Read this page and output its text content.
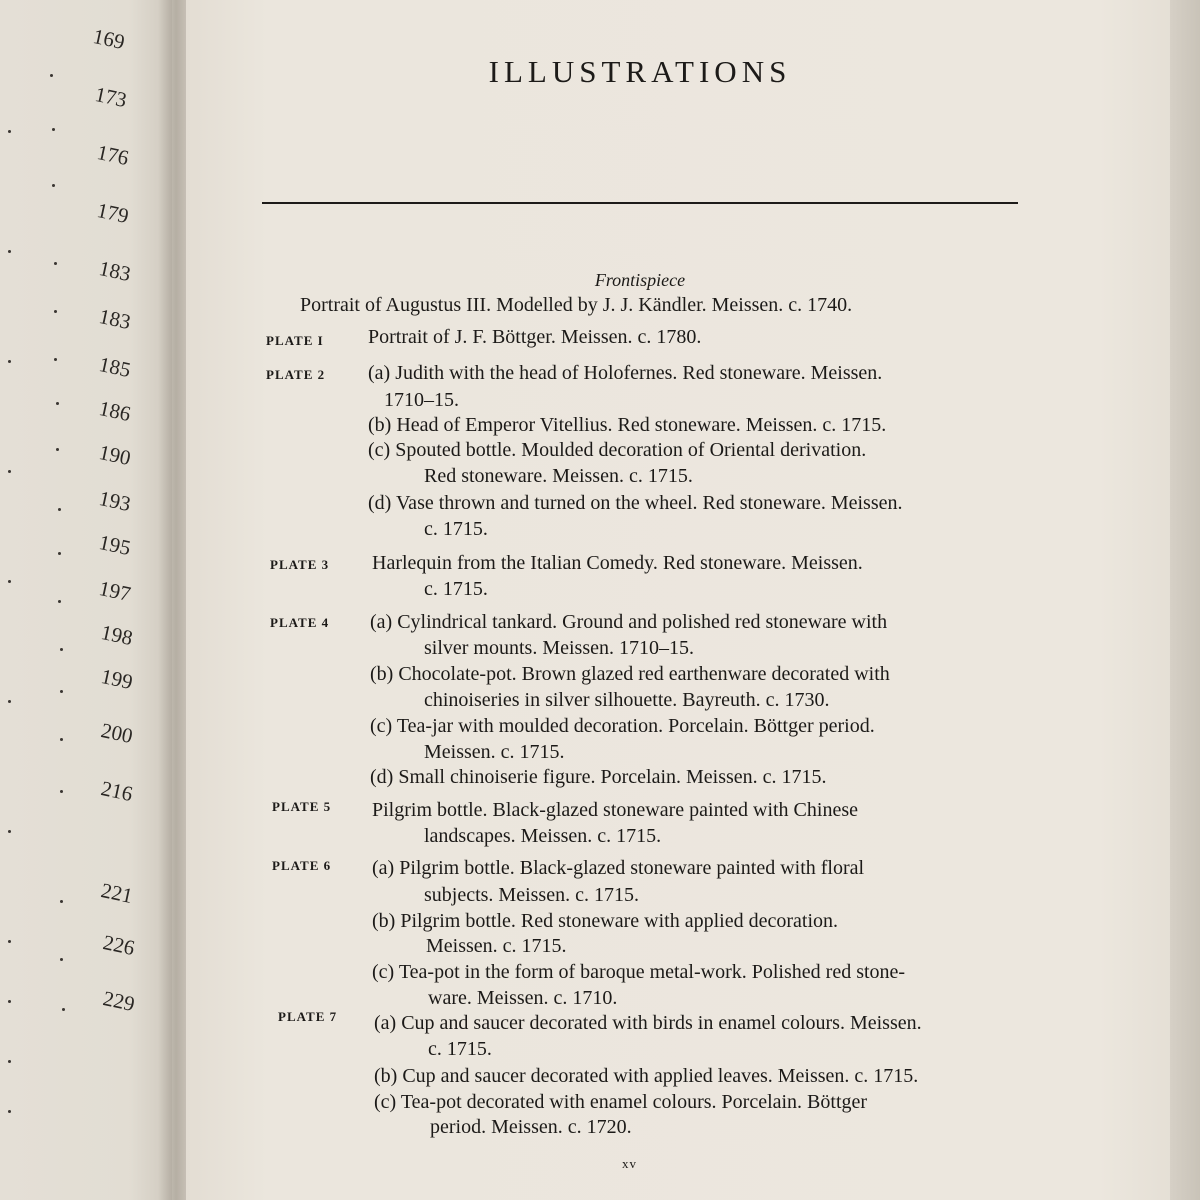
169
173
176
179
183
183
185
186
190
193
195
197
198
199
200
216
221
226
229
ILLUSTRATIONS
Frontispiece
Portrait of Augustus III. Modelled by J. J. Kändler. Meissen. c. 1740.
PLATE I Portrait of J. F. Böttger. Meissen. c. 1780.
PLATE 2 (a) Judith with the head of Holofernes. Red stoneware. Meissen.
1710–15.
(b) Head of Emperor Vitellius. Red stoneware. Meissen. c. 1715.
(c) Spouted bottle. Moulded decoration of Oriental derivation.
Red stoneware. Meissen. c. 1715.
(d) Vase thrown and turned on the wheel. Red stoneware. Meissen.
c. 1715.
PLATE 3 Harlequin from the Italian Comedy. Red stoneware. Meissen.
c. 1715.
PLATE 4 (a) Cylindrical tankard. Ground and polished red stoneware with
silver mounts. Meissen. 1710–15.
(b) Chocolate-pot. Brown glazed red earthenware decorated with
chinoiseries in silver silhouette. Bayreuth. c. 1730.
(c) Tea-jar with moulded decoration. Porcelain. Böttger period.
Meissen. c. 1715.
(d) Small chinoiserie figure. Porcelain. Meissen. c. 1715.
PLATE 5 Pilgrim bottle. Black-glazed stoneware painted with Chinese
landscapes. Meissen. c. 1715.
PLATE 6 (a) Pilgrim bottle. Black-glazed stoneware painted with floral
subjects. Meissen. c. 1715.
(b) Pilgrim bottle. Red stoneware with applied decoration.
Meissen. c. 1715.
(c) Tea-pot in the form of baroque metal-work. Polished red stone-
ware. Meissen. c. 1710.
PLATE 7 (a) Cup and saucer decorated with birds in enamel colours. Meissen.
c. 1715.
(b) Cup and saucer decorated with applied leaves. Meissen. c. 1715.
(c) Tea-pot decorated with enamel colours. Porcelain. Böttger
period. Meissen. c. 1720.
xv
